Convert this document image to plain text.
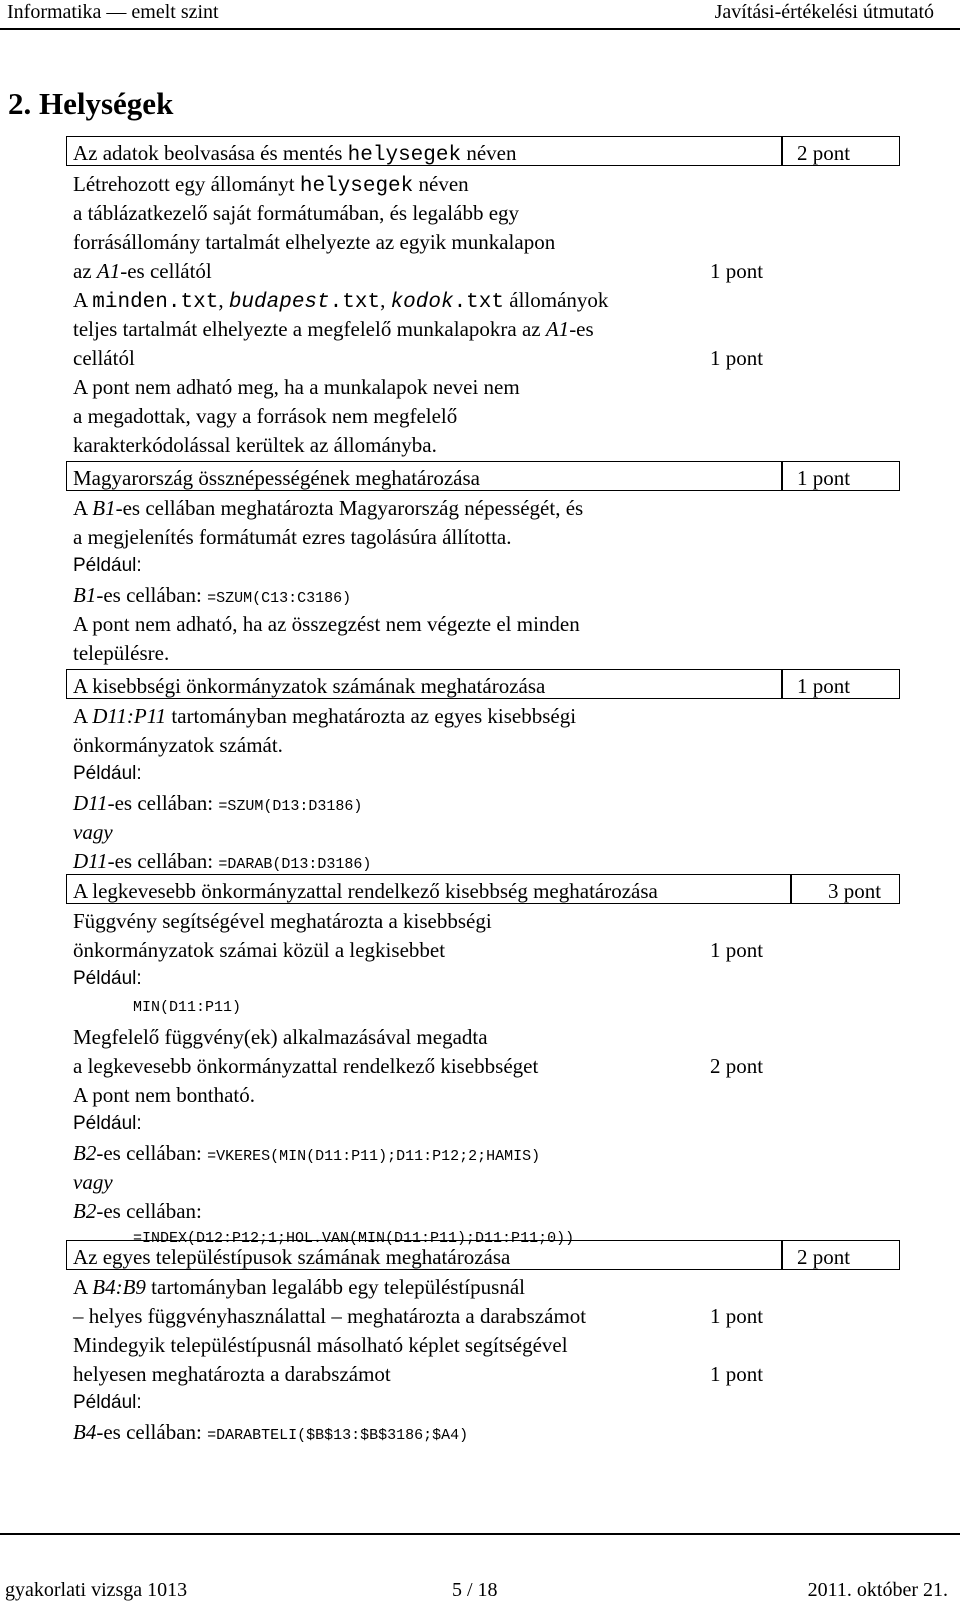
Informatika — emelt szint	Javítási-értékelési útmutató
2. Helységek
Az adatok beolvasása és mentés helysegek néven	2 pont
Létrehozott egy állományt helysegek néven
a táblázatkezelő saját formátumában, és legalább egy
forrásállomány tartalmát elhelyezte az egyik munkalapon
az A1-es cellától	1 pont
A minden.txt, budapest.txt, kodok.txt állományok
teljes tartalmát elhelyezte a megfelelő munkalapokra az A1-es
cellától	1 pont
A pont nem adható meg, ha a munkalapok nevei nem
a megadottak, vagy a források nem megfelelő
karakterkódolással kerültek az állományba.
Magyarország össznépességének meghatározása	1 pont
A B1-es cellában meghatározta Magyarország népességét, és
a megjelenítés formátumát ezres tagolásúra állította.
Például:
B1-es cellában: =SZUM(C13:C3186)
A pont nem adható, ha az összegzést nem végezte el minden
településre.
A kisebbségi önkormányzatok számának meghatározása	1 pont
A D11:P11 tartományban meghatározta az egyes kisebbségi
önkormányzatok számát.
Például:
D11-es cellában: =SZUM(D13:D3186)
vagy
D11-es cellában: =DARAB(D13:D3186)
A legkevesebb önkormányzattal rendelkező kisebbség meghatározása	3 pont
Függvény segítségével meghatározta a kisebbségi
önkormányzatok számai közül a legkisebbet	1 pont
Például:
MIN(D11:P11)
Megfelelő függvény(ek) alkalmazásával megadta
a legkevesebb önkormányzattal rendelkező kisebbséget	2 pont
A pont nem bontható.
Például:
B2-es cellában: =VKERES(MIN(D11:P11);D11:P12;2;HAMIS)
vagy
B2-es cellában:
=INDEX(D12:P12;1;HOL.VAN(MIN(D11:P11);D11:P11;0))
Az egyes településtípusok számának meghatározása	2 pont
A B4:B9 tartományban legalább egy településtípusnál
– helyes függvényhasználattal – meghatározta a darabszámot	1 pont
Mindegyik településtípusnál másolható képlet segítségével
helyesen meghatározta a darabszámot	1 pont
Például:
B4-es cellában: =DARABTELI($B$13:$B$3186;$A4)
gyakorlati vizsga 1013	5 / 18	2011. október 21.
